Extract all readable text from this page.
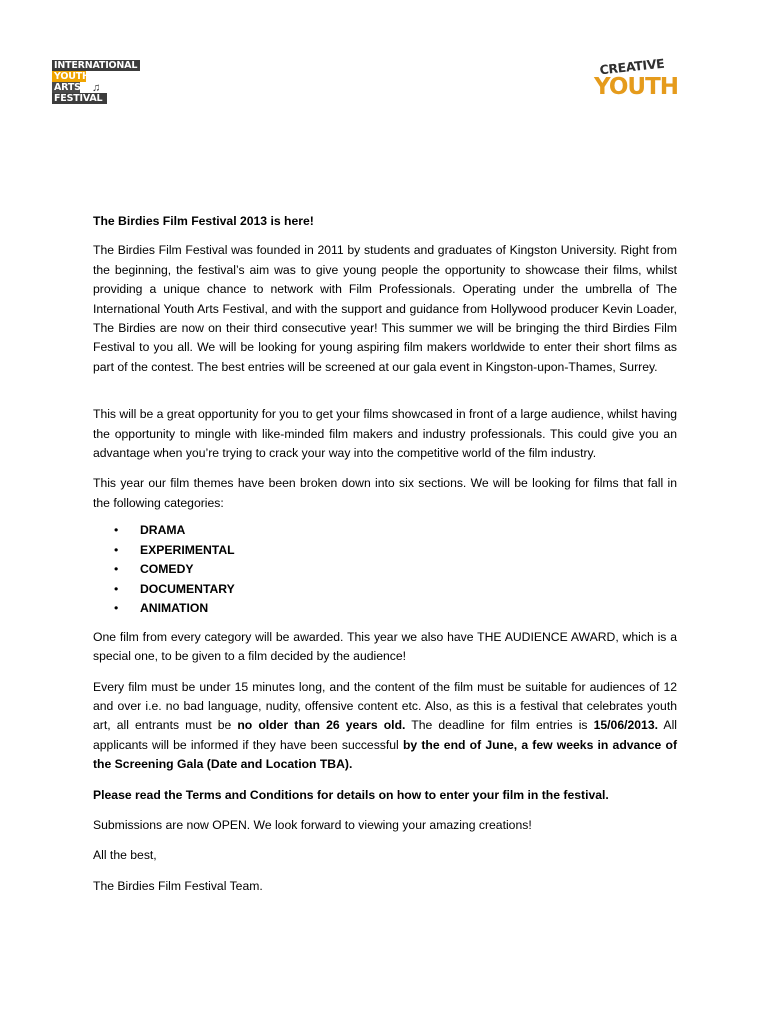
INTERNATIONAL
YOUTH
ARTS
FESTIVAL
♫
CREATIVE
YOUTH

The Birdies Film Festival 2013 is here!

The Birdies Film Festival was founded in 2011 by students and graduates of Kingston University. Right from the beginning, the festival’s aim was to give young people the opportunity to showcase their films, whilst providing a unique chance to network with Film Professionals. Operating under the umbrella of The International Youth Arts Festival, and with the support and guidance from Hollywood producer Kevin Loader, The Birdies are now on their third consecutive year! This summer we will be bringing the third Birdies Film Festival to you all. We will be looking for young aspiring film makers worldwide to enter their short films as part of the contest. The best entries will be screened at our gala event in Kingston-upon-Thames, Surrey.

This will be a great opportunity for you to get your films showcased in front of a large audience, whilst having the opportunity to mingle with like-minded film makers and industry professionals. This could give you an advantage when you’re trying to crack your way into the competitive world of the film industry.

This year our film themes have been broken down into six sections. We will be looking for films that fall in the following categories:

• DRAMA
• EXPERIMENTAL
• COMEDY
• DOCUMENTARY
• ANIMATION

One film from every category will be awarded. This year we also have THE AUDIENCE AWARD, which is a special one, to be given to a film decided by the audience!

Every film must be under 15 minutes long, and the content of the film must be suitable for audiences of 12 and over i.e. no bad language, nudity, offensive content etc. Also, as this is a festival that celebrates youth art, all entrants must be no older than 26 years old. The deadline for film entries is 15/06/2013. All applicants will be informed if they have been successful by the end of June, a few weeks in advance of the Screening Gala (Date and Location TBA).

Please read the Terms and Conditions for details on how to enter your film in the festival.

Submissions are now OPEN. We look forward to viewing your amazing creations!

All the best,

The Birdies Film Festival Team.
